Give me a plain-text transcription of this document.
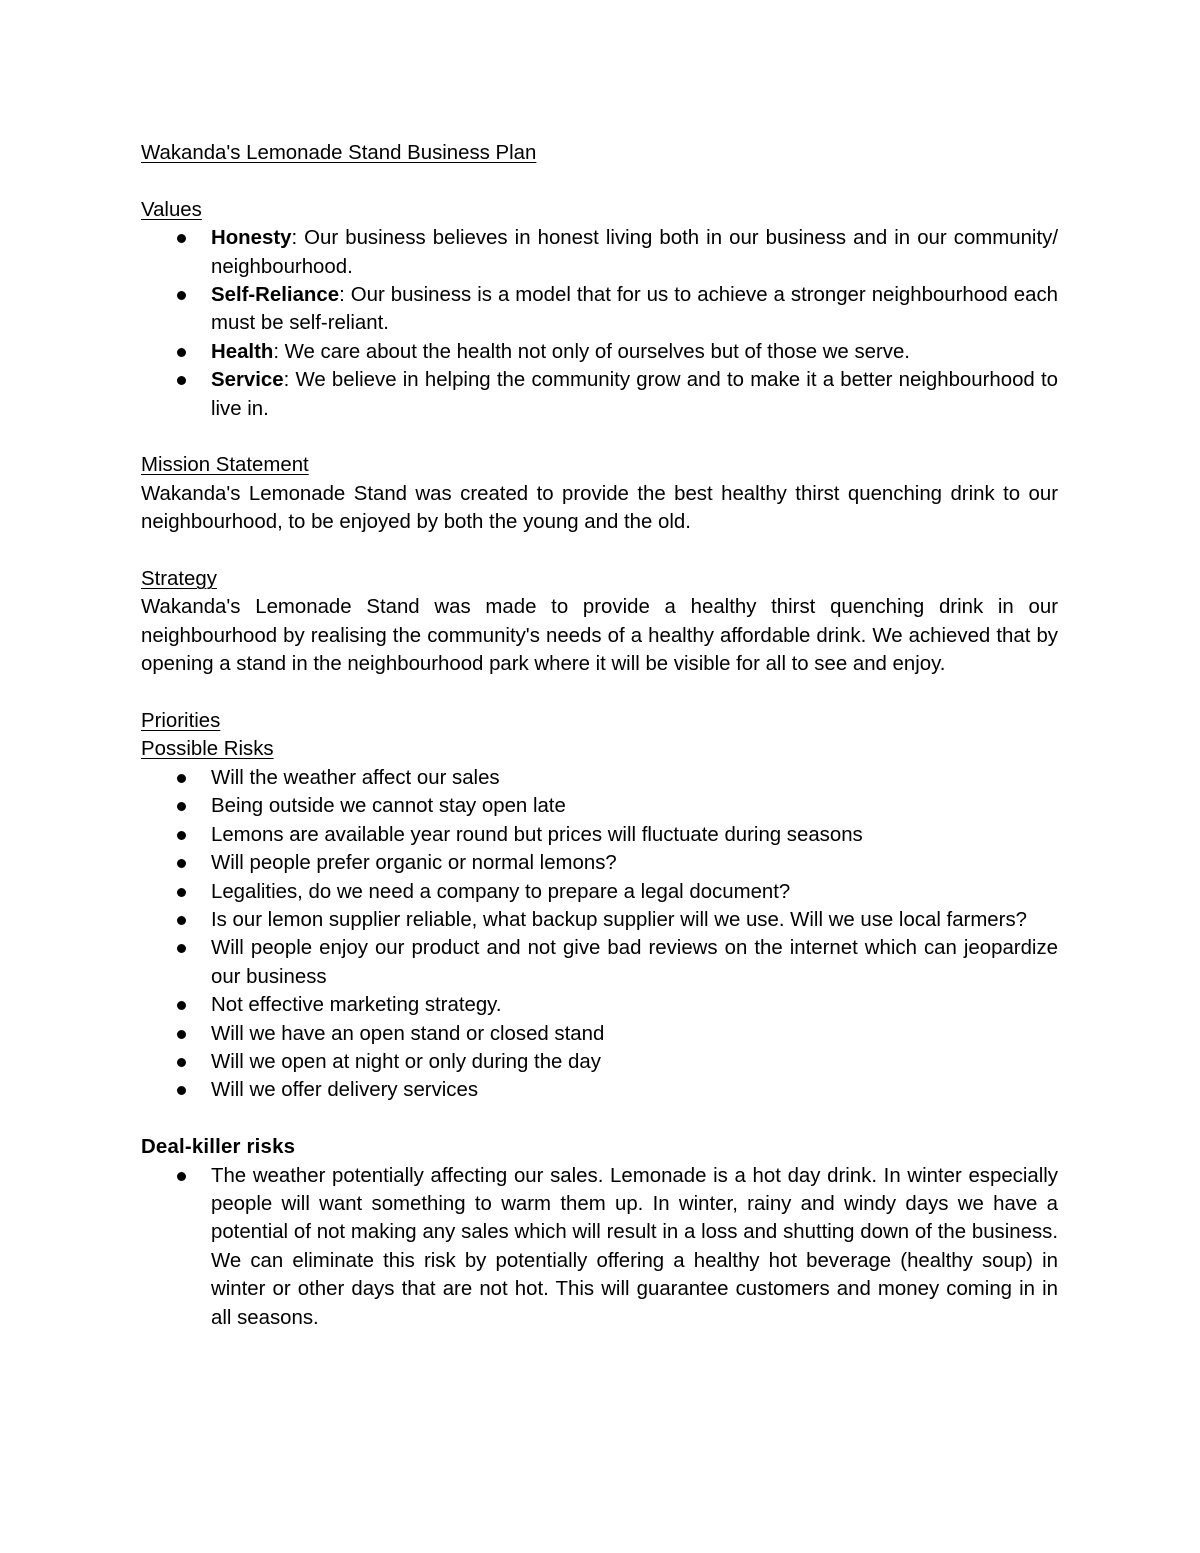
Wakanda's Lemonade Stand Business Plan

Values

Honesty: Our business believes in honest living both in our business and in our community/ neighbourhood.
Self-Reliance: Our business is a model that for us to achieve a stronger neighbourhood each must be self-reliant.
Health: We care about the health not only of ourselves but of those we serve.
Service: We believe in helping the community grow and to make it a better neighbourhood to live in.

Mission Statement

Wakanda's Lemonade Stand was created to provide the best healthy thirst quenching drink to our neighbourhood, to be enjoyed by both the young and the old.

Strategy

Wakanda's Lemonade Stand was made to provide a healthy thirst quenching drink in our neighbourhood by realising the community's needs of a healthy affordable drink. We achieved that by opening a stand in the neighbourhood park where it will be visible for all to see and enjoy.

Priorities

Possible Risks

Will the weather affect our sales
Being outside we cannot stay open late
Lemons are available year round but prices will fluctuate during seasons
Will people prefer organic or normal lemons?
Legalities, do we need a company to prepare a legal document?
Is our lemon supplier reliable, what backup supplier will we use. Will we use local farmers?
Will people enjoy our product and not give bad reviews on the internet which can jeopardize our business
Not effective marketing strategy.
Will we have an open stand or closed stand
Will we open at night or only during the day
Will we offer delivery services

Deal-killer risks

The weather potentially affecting our sales. Lemonade is a hot day drink. In winter especially people will want something to warm them up. In winter, rainy and windy days we have a potential of not making any sales which will result in a loss and shutting down of the business. We can eliminate this risk by potentially offering a healthy hot beverage (healthy soup) in winter or other days that are not hot. This will guarantee customers and money coming in in all seasons.
